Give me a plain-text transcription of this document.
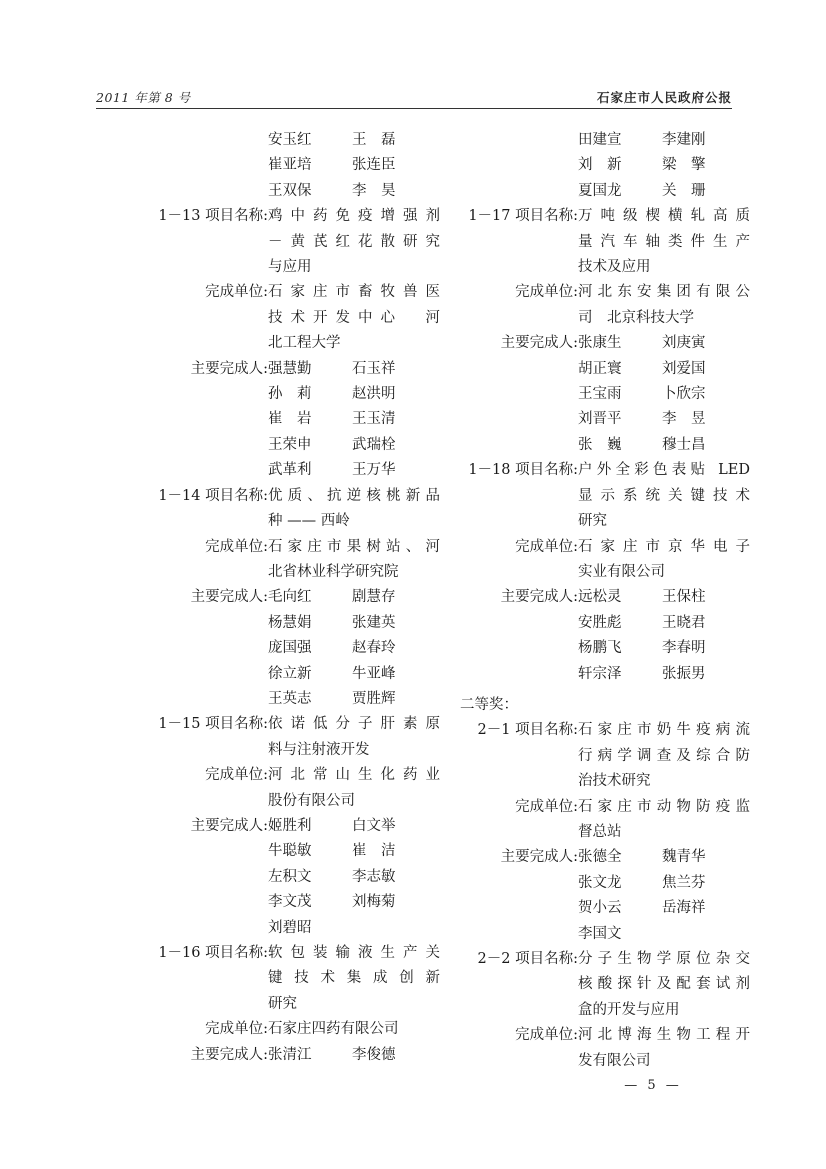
2011 年第 8 号	石家庄市人民政府公报
安玉红	王　磊
崔亚培	张连臣
王双保	李　昊
1－13 项目名称: 鸡中药免疫增强剂
－黄芪红花散研究
与应用
完成单位: 石家庄市畜牧兽医
技术开发中心　河
北工程大学
主要完成人: 强慧勤	石玉祥
孙　莉	赵洪明
崔　岩	王玉清
王荣申	武瑞栓
武革利	王万华
1－14 项目名称: 优质、抗逆核桃新品
种 —— 西岭
完成单位: 石家庄市果树站、河
北省林业科学研究院
主要完成人: 毛向红	剧慧存
杨慧娟	张建英
庞国强	赵春玲
徐立新	牛亚峰
王英志	贾胜辉
1－15 项目名称: 依诺低分子肝素原
料与注射液开发
完成单位: 河北常山生化药业
股份有限公司
主要完成人: 姬胜利	白文举
牛聪敏	崔　洁
左积文	李志敏
李文茂	刘梅菊
刘碧昭
1－16 项目名称: 软包装输液生产关
键技术集成创新
研究
完成单位: 石家庄四药有限公司
主要完成人: 张清江	李俊德
田建宣	李建刚
刘　新	梁　擎
夏国龙	关　珊
1－17 项目名称: 万吨级楔横轧高质
量汽车轴类件生产
技术及应用
完成单位: 河北东安集团有限公
司　北京科技大学
主要完成人: 张康生	刘庚寅
胡正寰	刘爱国
王宝雨	卜欣宗
刘晋平	李　昱
张　巍	穆士昌
1－18 项目名称: 户外全彩色表贴 LED
显示系统关键技术
研究
完成单位: 石家庄市京华电子
实业有限公司
主要完成人: 远松灵	王保柱
安胜彪	王晓君
杨鹏飞	李春明
轩宗泽	张振男
二等奖：
2－1 项目名称: 石家庄市奶牛疫病流
行病学调查及综合防
治技术研究
完成单位: 石家庄市动物防疫监
督总站
主要完成人: 张德全	魏青华
张文龙	焦兰芬
贺小云	岳海祥
李国文
2－2 项目名称: 分子生物学原位杂交
核酸探针及配套试剂
盒的开发与应用
完成单位: 河北博海生物工程开
发有限公司
— 5 —
